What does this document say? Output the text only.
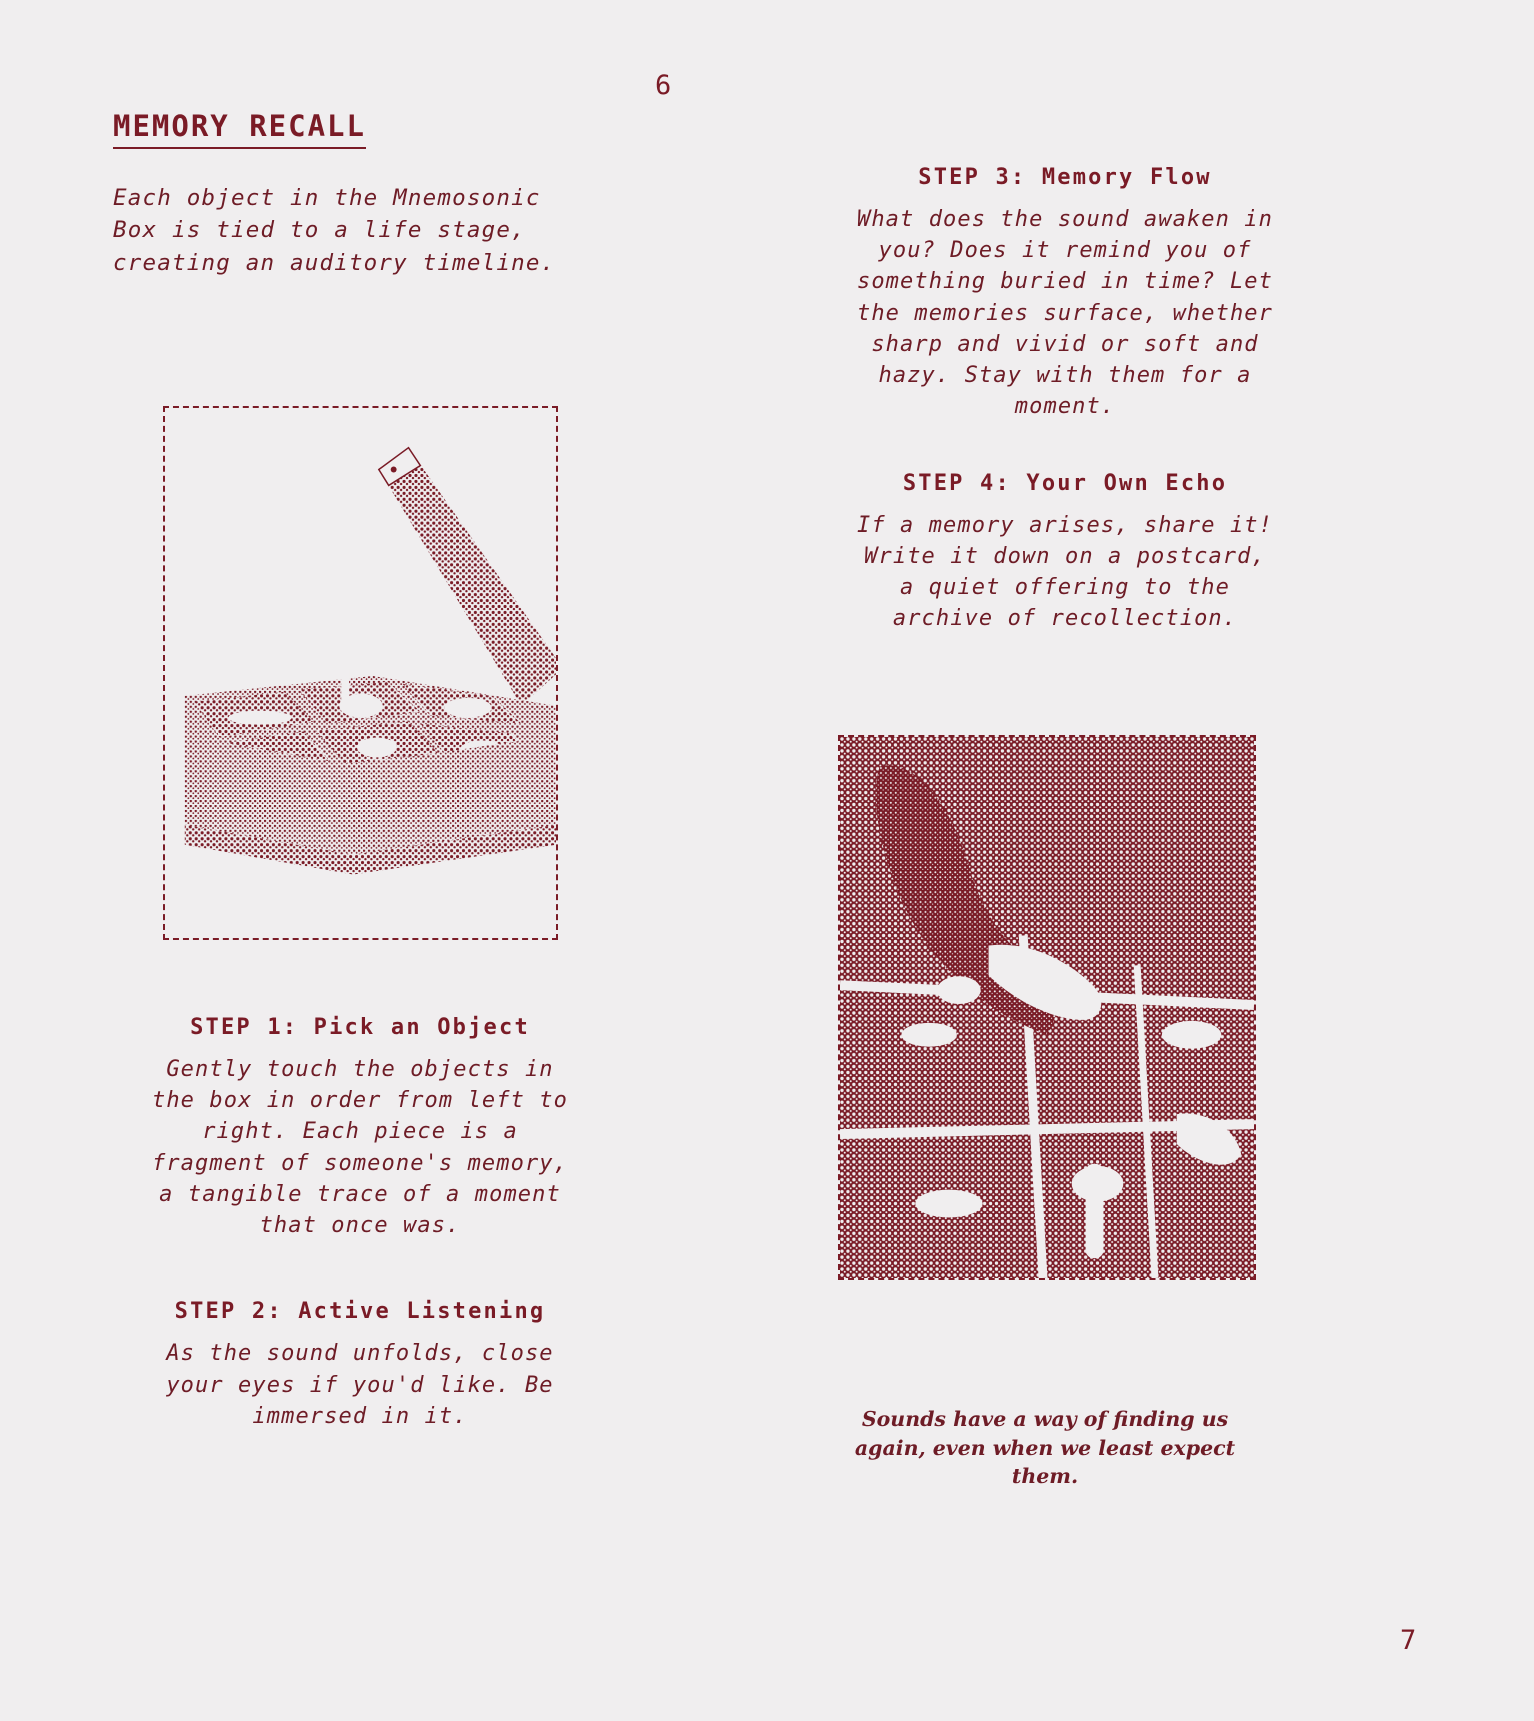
6
7
MEMORY RECALL
Each object in the Mnemosonic Box is tied to a life stage, creating an auditory timeline.
STEP 1: Pick an Object
Gently touch the objects in the box in order from left to right. Each piece is a fragment of someone's memory, a tangible trace of a moment that once was.
STEP 2: Active Listening
As the sound unfolds, close your eyes if you'd like. Be immersed in it.
STEP 3: Memory Flow
What does the sound awaken in you? Does it remind you of something buried in time? Let the memories surface, whether sharp and vivid or soft and hazy. Stay with them for a moment.
STEP 4: Your Own Echo
If a memory arises, share it! Write it down on a postcard, a quiet offering to the archive of recollection.
Sounds have a way of finding us again, even when we least expect them.
